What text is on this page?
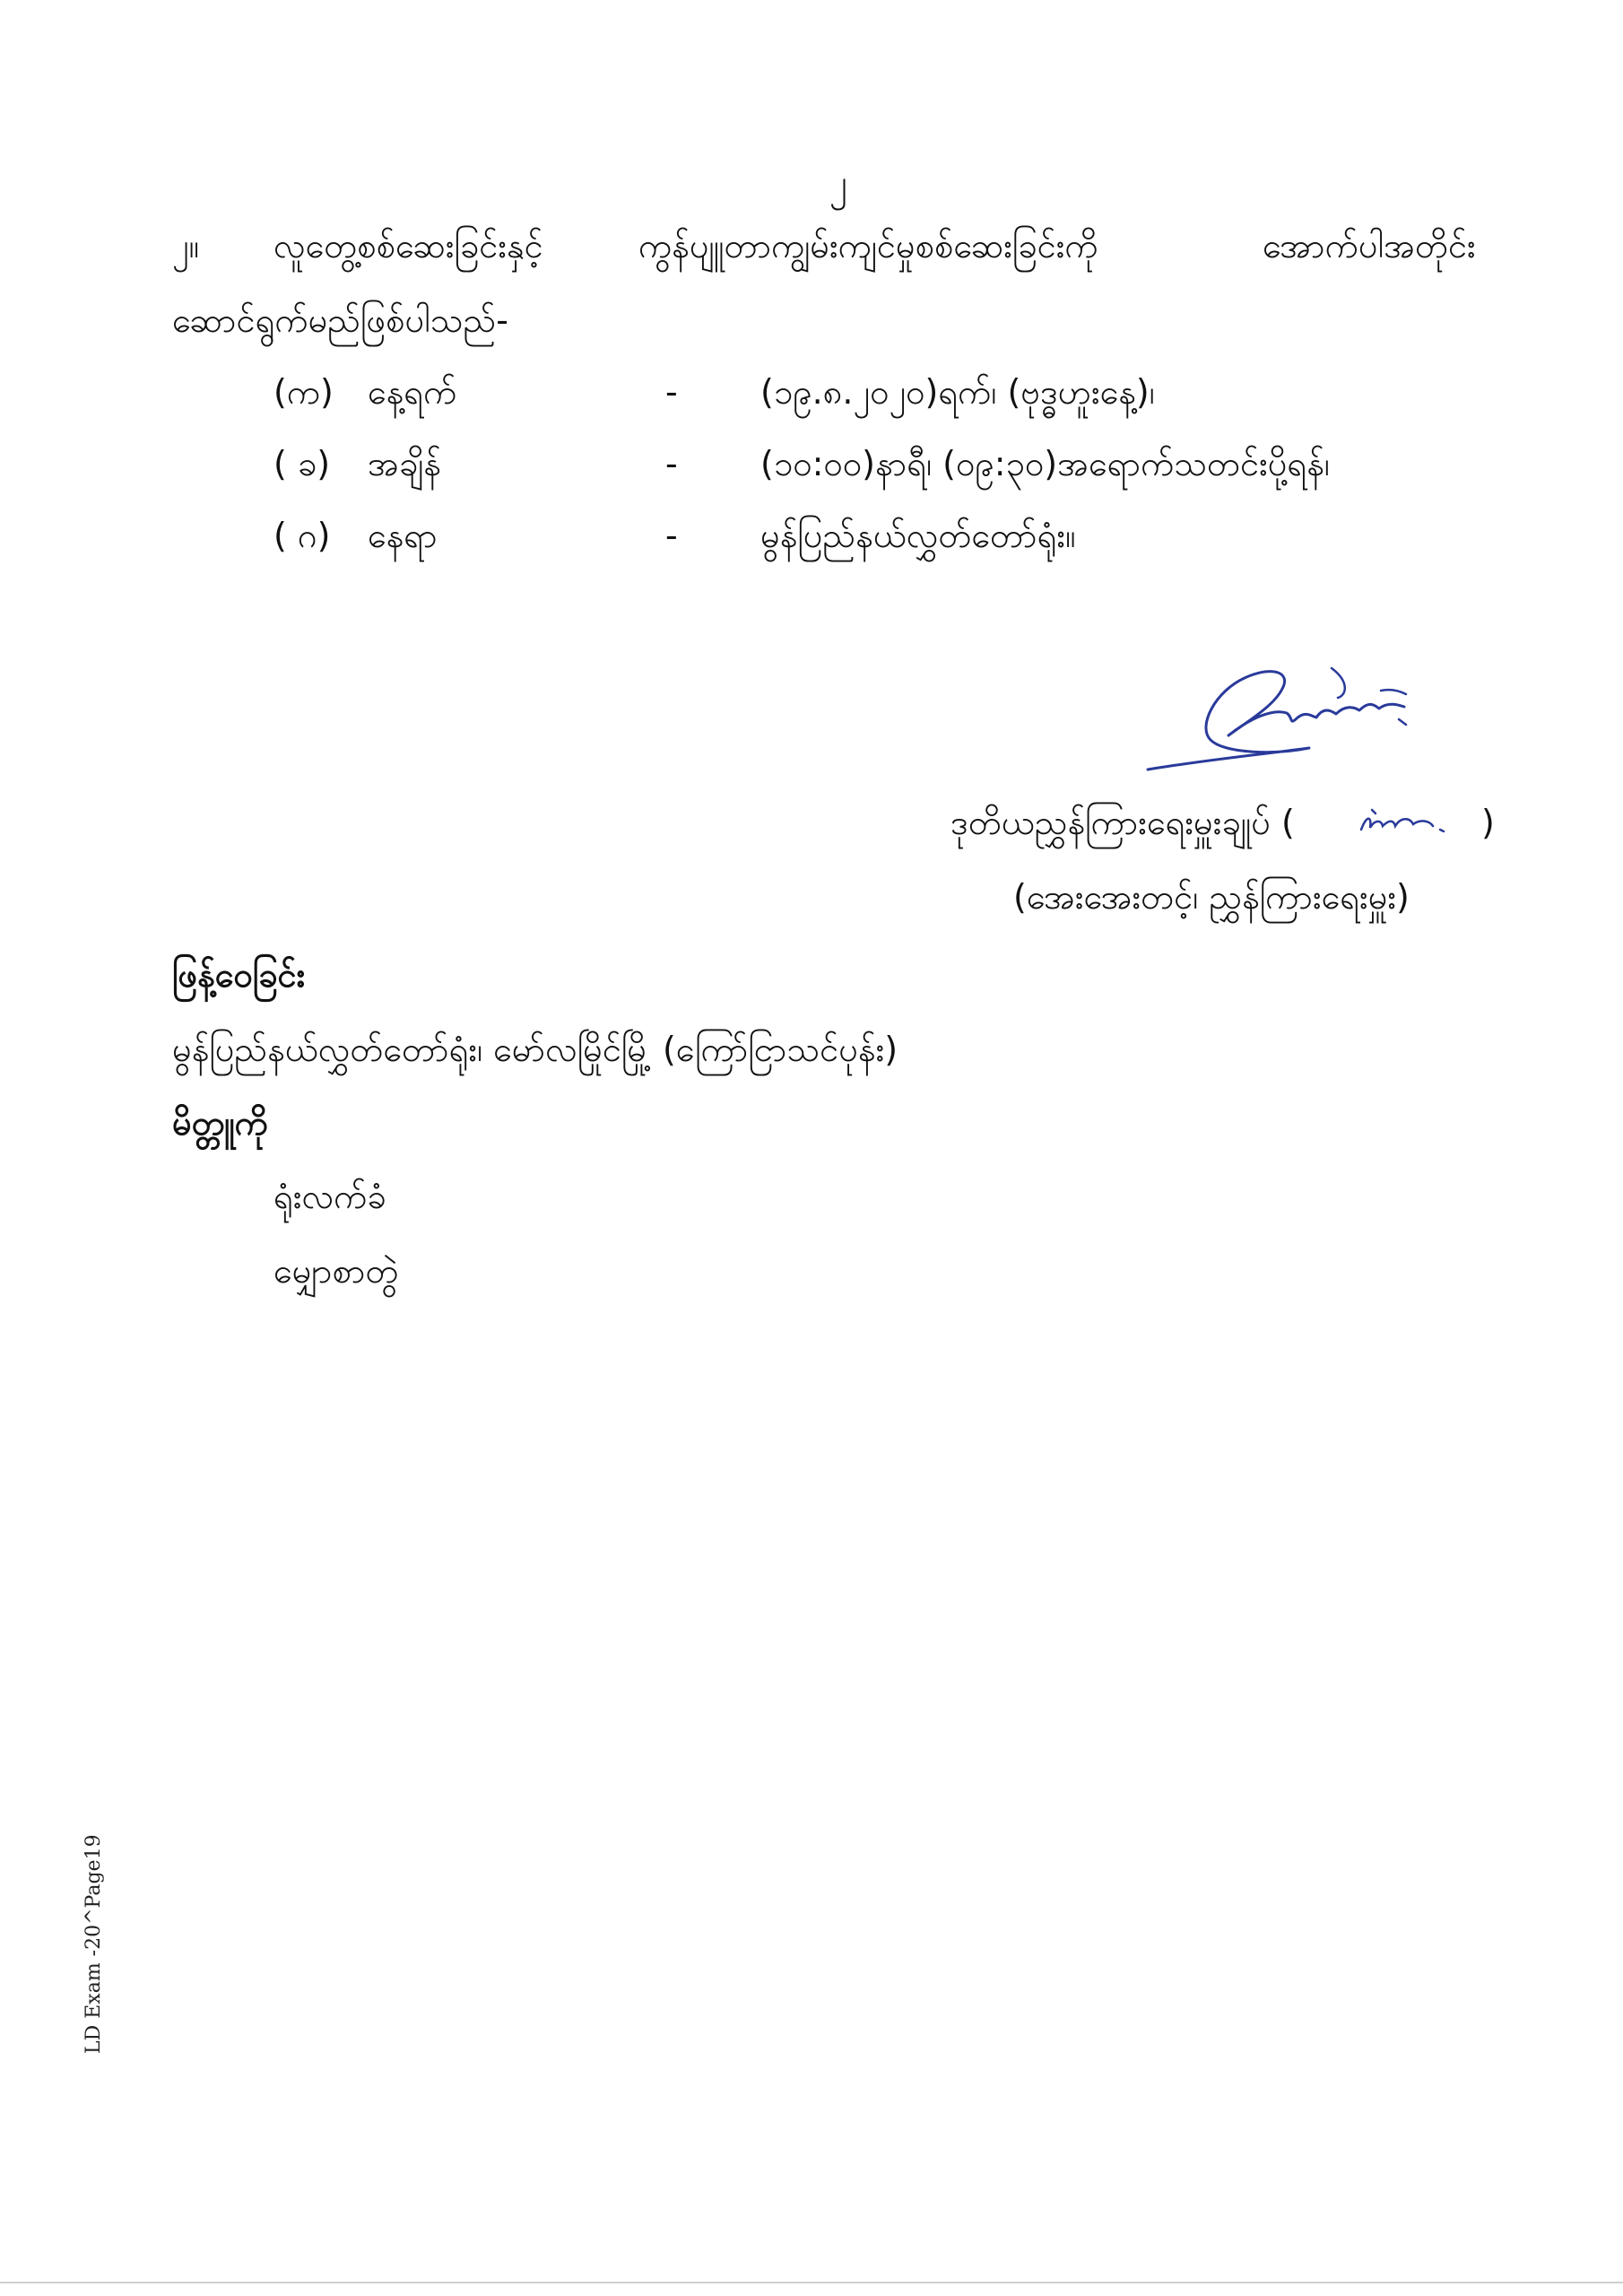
၂
၂။ လူတွေ့စစ်ဆေးခြင်းနှင့်	ကွန်ပျူတာကျွမ်းကျင်မှုစစ်ဆေးခြင်းကို	အောက်ပါအတိုင်း
ဆောင်ရွက်မည်ဖြစ်ပါသည်-
(က) နေ့ရက်	- (၁၉.၈.၂၀၂၀)ရက်၊ (ဗုဒ္ဓဟူးနေ့)၊
( ခ) အချိန်	- (၁၀:၀၀)နာရီ၊ (၀၉:၃၀)အရောက်သတင်းပို့ရန်၊
( ဂ) နေရာ	- မွန်ပြည်နယ်လွှတ်တော်ရုံး။
ဒုတိယညွှန်ကြားရေးမှူးချုပ် (	)
(အေးအေးတင့်၊ ညွှန်ကြားရေးမှူး)
ဖြန့်ဝေခြင်း
မွန်ပြည်နယ်လွှတ်တော်ရုံး၊ မော်လမြိုင်မြို့ (ကြော်ငြာသင်ပုန်း)
မိတ္တူကို
ရုံးလက်ခံ
မျှောစာတွဲ
LD Exam -20^Page19
